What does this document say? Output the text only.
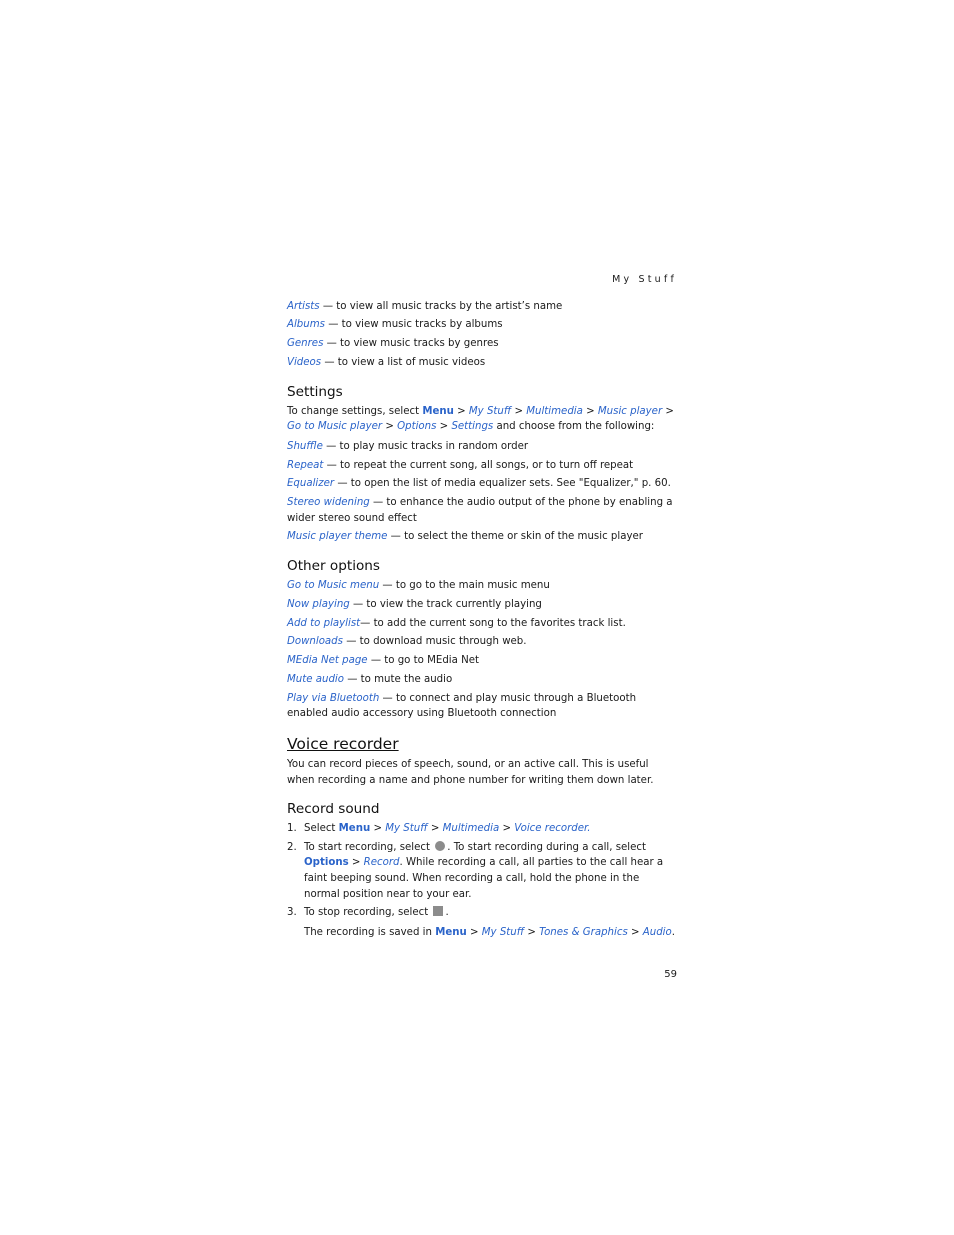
My Stuff
Artists — to view all music tracks by the artist’s name
Albums — to view music tracks by albums
Genres — to view music tracks by genres
Videos — to view a list of music videos
Settings

To change settings, select Menu > My Stuff > Multimedia > Music player > Go to Music player > Options > Settings and choose from the following:

Shuffle — to play music tracks in random order
Repeat — to repeat the current song, all songs, or to turn off repeat
Equalizer — to open the list of media equalizer sets. See "Equalizer," p. 60.
Stereo widening — to enhance the audio output of the phone by enabling a wider stereo sound effect
Music player theme — to select the theme or skin of the music player
Other options
Go to Music menu — to go to the main music menu
Now playing — to view the track currently playing
Add to playlist— to add the current song to the favorites track list.
Downloads — to download music through web.
MEdia Net page — to go to MEdia Net
Mute audio — to mute the audio
Play via Bluetooth — to connect and play music through a Bluetooth enabled audio accessory using Bluetooth connection
Voice recorder

You can record pieces of speech, sound, or an active call. This is useful when recording a name and phone number for writing them down later.

Record sound
1. Select Menu > My Stuff > Multimedia > Voice recorder.
2. To start recording, select . To start recording during a call, select Options > Record. While recording a call, all parties to the call hear a faint beeping sound. When recording a call, hold the phone in the normal position near to your ear.
3. To stop recording, select .
The recording is saved in Menu > My Stuff > Tones & Graphics > Audio.
59
